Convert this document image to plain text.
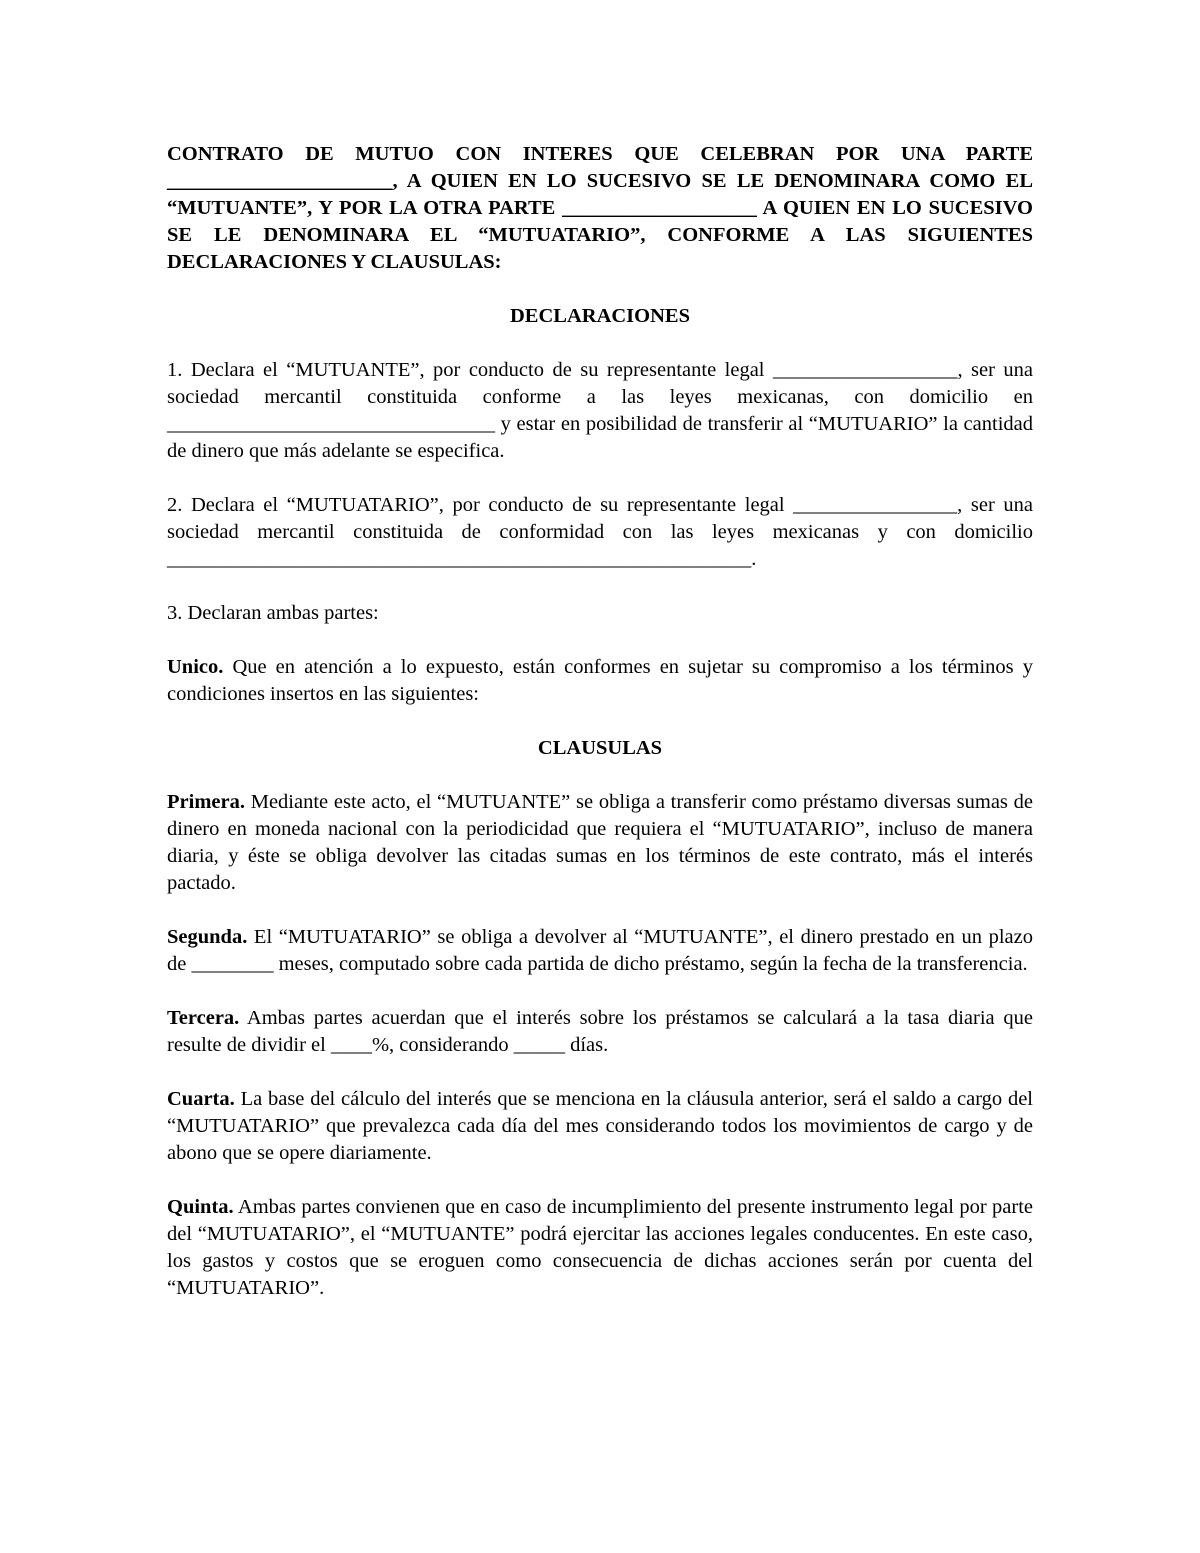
CONTRATO DE MUTUO CON INTERES QUE CELEBRAN POR UNA PARTE ______________________, A QUIEN EN LO SUCESIVO SE LE DENOMINARA COMO EL “MUTUANTE”, Y POR LA OTRA PARTE ___________________ A QUIEN EN LO SUCESIVO SE LE DENOMINARA EL “MUTUATARIO”, CONFORME A LAS SIGUIENTES DECLARACIONES Y CLAUSULAS:

DECLARACIONES

1. Declara el “MUTUANTE”, por conducto de su representante legal __________________, ser una sociedad mercantil constituida conforme a las leyes mexicanas, con domicilio en ________________________________ y estar en posibilidad de transferir al “MUTUARIO” la cantidad de dinero que más adelante se especifica.

2. Declara el “MUTUATARIO”, por conducto de su representante legal ________________, ser una sociedad mercantil constituida de conformidad con las leyes mexicanas y con domicilio _________________________________________________________.

3. Declaran ambas partes:

Unico. Que en atención a lo expuesto, están conformes en sujetar su compromiso a los términos y condiciones insertos en las siguientes:

CLAUSULAS

Primera. Mediante este acto, el “MUTUANTE” se obliga a transferir como préstamo diversas sumas de dinero en moneda nacional con la periodicidad que requiera el “MUTUATARIO”, incluso de manera diaria, y éste se obliga devolver las citadas sumas en los términos de este contrato, más el interés pactado.

Segunda. El “MUTUATARIO” se obliga a devolver al “MUTUANTE”, el dinero prestado en un plazo de ________ meses, computado sobre cada partida de dicho préstamo, según la fecha de la transferencia.

Tercera. Ambas partes acuerdan que el interés sobre los préstamos se calculará a la tasa diaria que resulte de dividir el ____%, considerando _____ días.

Cuarta. La base del cálculo del interés que se menciona en la cláusula anterior, será el saldo a cargo del “MUTUATARIO” que prevalezca cada día del mes considerando todos los movimientos de cargo y de abono que se opere diariamente.

Quinta. Ambas partes convienen que en caso de incumplimiento del presente instrumento legal por parte del “MUTUATARIO”, el “MUTUANTE” podrá ejercitar las acciones legales conducentes. En este caso, los gastos y costos que se eroguen como consecuencia de dichas acciones serán por cuenta del “MUTUATARIO”.
